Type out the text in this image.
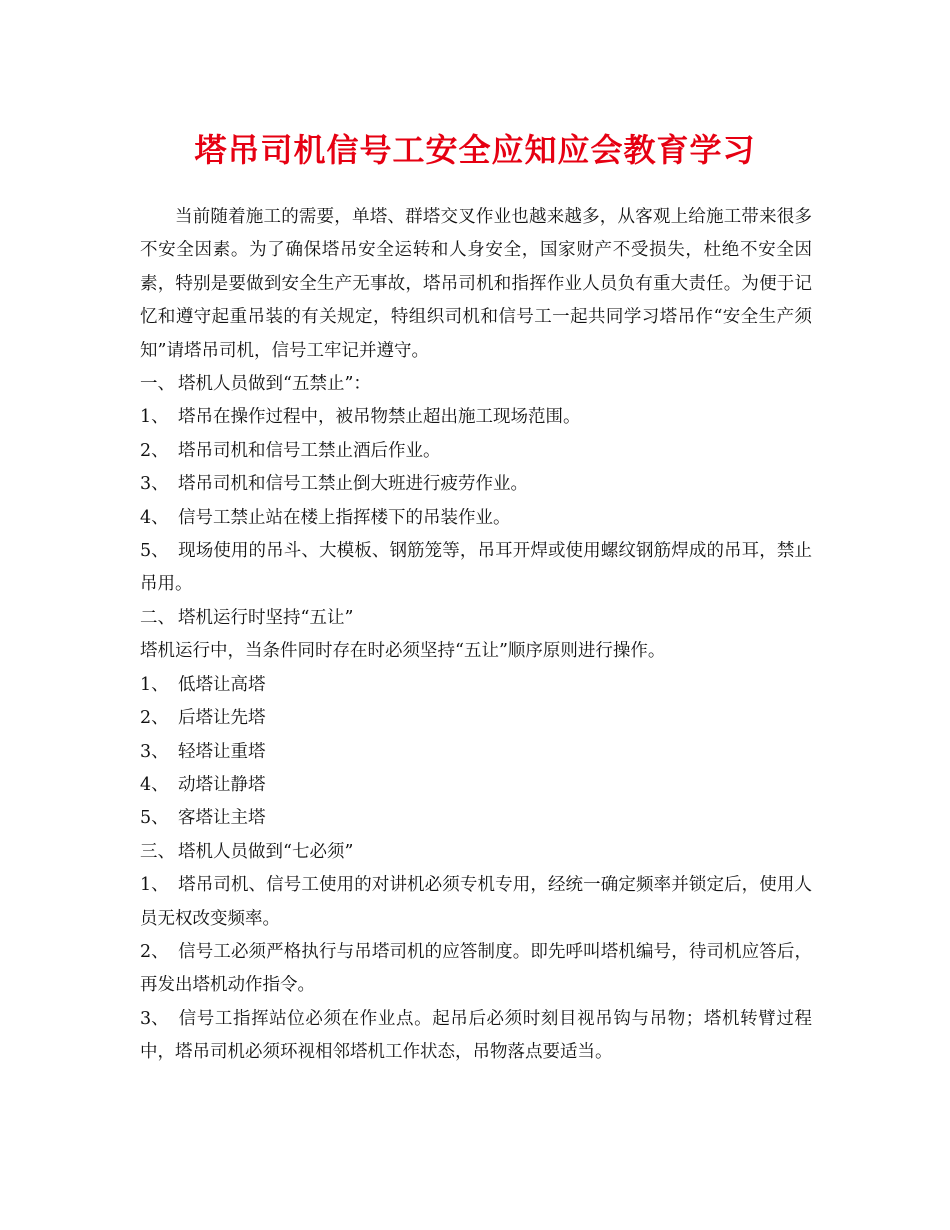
塔吊司机信号工安全应知应会教育学习

当前随着施工的需要，单塔、群塔交叉作业也越来越多，从客观上给施工带来很多不安全因素。为了确保塔吊安全运转和人身安全，国家财产不受损失，杜绝不安全因素，特别是要做到安全生产无事故，塔吊司机和指挥作业人员负有重大责任。为便于记忆和遵守起重吊装的有关规定，特组织司机和信号工一起共同学习塔吊作“安全生产须知”请塔吊司机，信号工牢记并遵守。

一、 塔机人员做到“五禁止”：

1、 塔吊在操作过程中，被吊物禁止超出施工现场范围。

2、 塔吊司机和信号工禁止酒后作业。

3、 塔吊司机和信号工禁止倒大班进行疲劳作业。

4、 信号工禁止站在楼上指挥楼下的吊装作业。

5、 现场使用的吊斗、大模板、钢筋笼等，吊耳开焊或使用螺纹钢筋焊成的吊耳，禁止吊用。

二、 塔机运行时坚持“五让”

塔机运行中，当条件同时存在时必须坚持“五让”顺序原则进行操作。

1、 低塔让高塔

2、 后塔让先塔

3、 轻塔让重塔

4、 动塔让静塔

5、 客塔让主塔

三、 塔机人员做到“七必须”

1、 塔吊司机、信号工使用的对讲机必须专机专用，经统一确定频率并锁定后，使用人员无权改变频率。

2、 信号工必须严格执行与吊塔司机的应答制度。即先呼叫塔机编号，待司机应答后，再发出塔机动作指令。

3、 信号工指挥站位必须在作业点。起吊后必须时刻目视吊钩与吊物；塔机转臂过程中，塔吊司机必须环视相邻塔机工作状态，吊物落点要适当。
